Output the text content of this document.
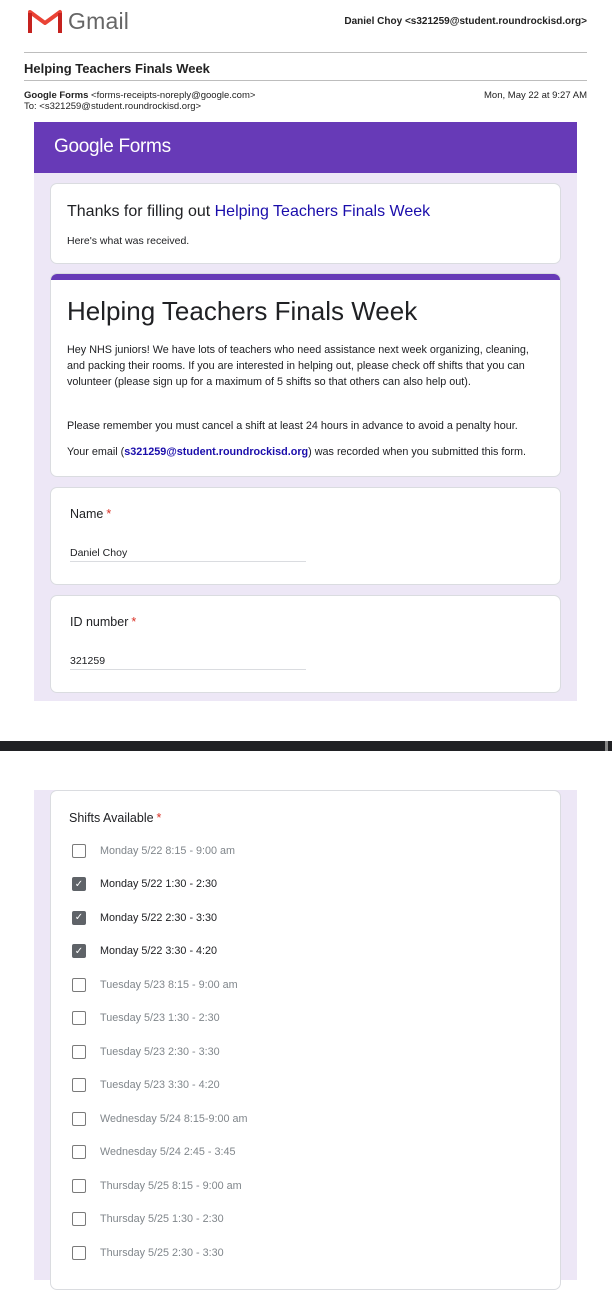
Gmail	Daniel Choy <s321259@student.roundrockisd.org>
Helping Teachers Finals Week
Google Forms <forms-receipts-noreply@google.com>
To: <s321259@student.roundrockisd.org>
Mon, May 22 at 9:27 AM
Google Forms
Thanks for filling out Helping Teachers Finals Week
Here's what was received.
Helping Teachers Finals Week
Hey NHS juniors! We have lots of teachers who need assistance next week organizing, cleaning, and packing their rooms. If you are interested in helping out, please check off shifts that you can volunteer (please sign up for a maximum of 5 shifts so that others can also help out).
Please remember you must cancel a shift at least 24 hours in advance to avoid a penalty hour.
Your email (s321259@student.roundrockisd.org) was recorded when you submitted this form.
Name *
Daniel Choy
ID number *
321259
Shifts Available *
Monday 5/22 8:15 - 9:00 am
✓ Monday 5/22 1:30 - 2:30
✓ Monday 5/22 2:30 - 3:30
✓ Monday 5/22 3:30 - 4:20
Tuesday 5/23 8:15 - 9:00 am
Tuesday 5/23 1:30 - 2:30
Tuesday 5/23 2:30 - 3:30
Tuesday 5/23 3:30 - 4:20
Wednesday 5/24 8:15-9:00 am
Wednesday 5/24 2:45 - 3:45
Thursday 5/25 8:15 - 9:00 am
Thursday 5/25 1:30 - 2:30
Thursday 5/25 2:30 - 3:30
